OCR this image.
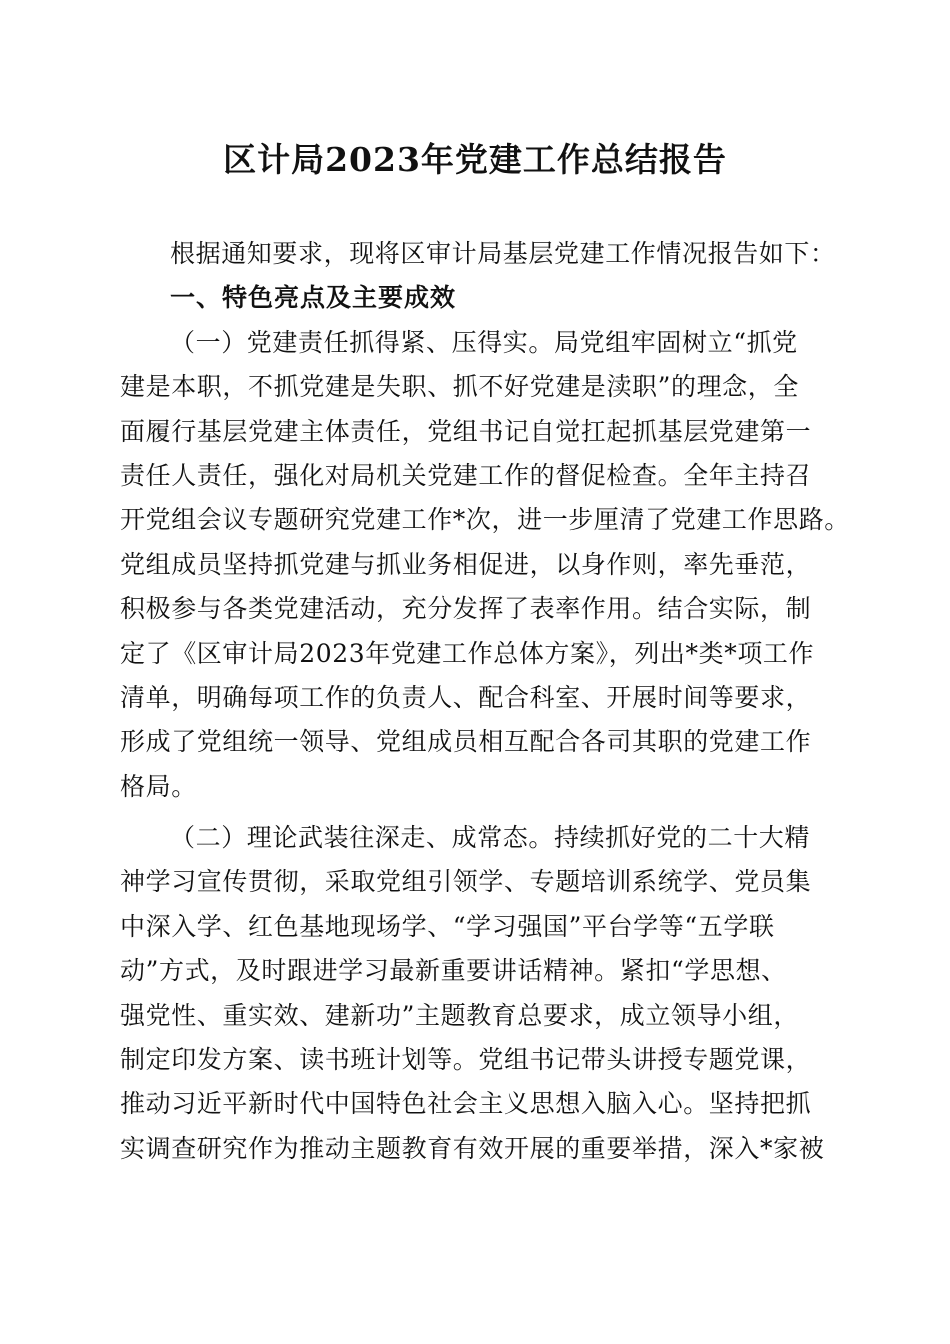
区计局2023年党建工作总结报告
根据通知要求，现将区审计局基层党建工作情况报告如下：
一、特色亮点及主要成效
（一）党建责任抓得紧、压得实。局党组牢固树立“抓党
建是本职，不抓党建是失职、抓不好党建是渎职”的理念，全
面履行基层党建主体责任，党组书记自觉扛起抓基层党建第一
责任人责任，强化对局机关党建工作的督促检查。全年主持召
开党组会议专题研究党建工作*次，进一步厘清了党建工作思路。
党组成员坚持抓党建与抓业务相促进，以身作则，率先垂范，
积极参与各类党建活动，充分发挥了表率作用。结合实际，制
定了《区审计局2023年党建工作总体方案》，列出*类*项工作
清单，明确每项工作的负责人、配合科室、开展时间等要求，
形成了党组统一领导、党组成员相互配合各司其职的党建工作
格局。
（二）理论武装往深走、成常态。持续抓好党的二十大精
神学习宣传贯彻，采取党组引领学、专题培训系统学、党员集
中深入学、红色基地现场学、“学习强国”平台学等“五学联
动”方式，及时跟进学习最新重要讲话精神。紧扣“学思想、
强党性、重实效、建新功”主题教育总要求，成立领导小组，
制定印发方案、读书班计划等。党组书记带头讲授专题党课，
推动习近平新时代中国特色社会主义思想入脑入心。坚持把抓
实调查研究作为推动主题教育有效开展的重要举措，深入*家被
